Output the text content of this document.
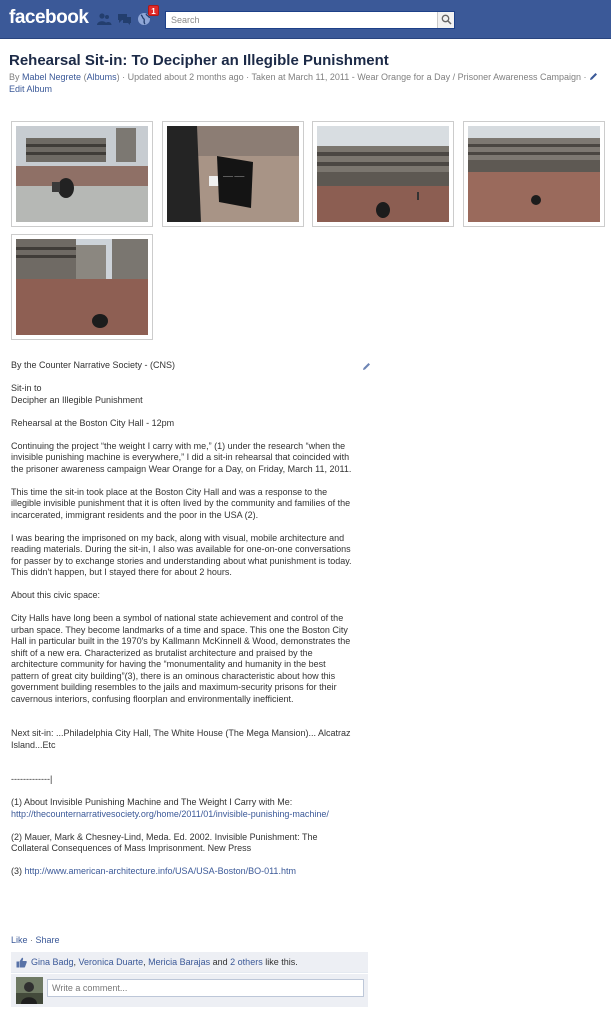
facebook	1
Search
Rehearsal Sit-in: To Decipher an Illegible Punishment
By Mabel Negrete (Albums) · Updated about 2 months ago · Taken at March 11, 2011 - Wear Orange for a Day / Prisoner Awareness Campaign · Edit Album
—— ——

By the Counter Narrative Society - (CNS)

Sit-in to

Decipher an Illegible Punishment

Rehearsal at the Boston City Hall - 12pm

Continuing the project “the weight I carry with me,” (1) under the research “when the invisible punishing machine is everywhere,” I did a sit-in rehearsal that coincided with the prisoner awareness campaign Wear Orange for a Day, on Friday, March 11, 2011.

This time the sit-in took place at the Boston City Hall and was a response to the illegible invisible punishment that it is often lived by the community and families of the incarcerated, immigrant residents and the poor in the USA (2).

I was bearing the imprisoned on my back, along with visual, mobile architecture and reading materials. During the sit-in, I also was available for one-on-one conversations for passer by to exchange stories and understanding about what punishment is today. This didn't happen, but I stayed there for about 2 hours.

About this civic space:

City Halls have long been a symbol of national state achievement and control of the urban space. They become landmarks of a time and space. This one the Boston City Hall in particular built in the 1970's by Kallmann McKinnell & Wood, demonstrates the shift of a new era. Characterized as brutalist architecture and praised by the architecture community for having the “monumentality and humanity in the best pattern of great city building”(3), there is an ominous characteristic about how this government building resembles to the jails and maximum-security prisons for their cavernous interiors, confusing floorplan and environmentally inefficient.

Next sit-in: ...Philadelphia City Hall, The White House (The Mega Mansion)... Alcatraz Island...Etc

-------------|

(1) About Invisible Punishing Machine and The Weight I Carry with Me:

http://thecounternarrativesociety.org/home/2011/01/invisible-punishing-machine/

(2) Mauer, Mark & Chesney-Lind, Meda. Ed. 2002. Invisible Punishment: The Collateral Consequences of Mass Imprisonment. New Press

(3) http://www.american-architecture.info/USA/USA-Boston/BO-011.htm

Like · Share
Gina Badg, Veronica Duarte, Mericia Barajas and 2 others like this.
Write a comment...
